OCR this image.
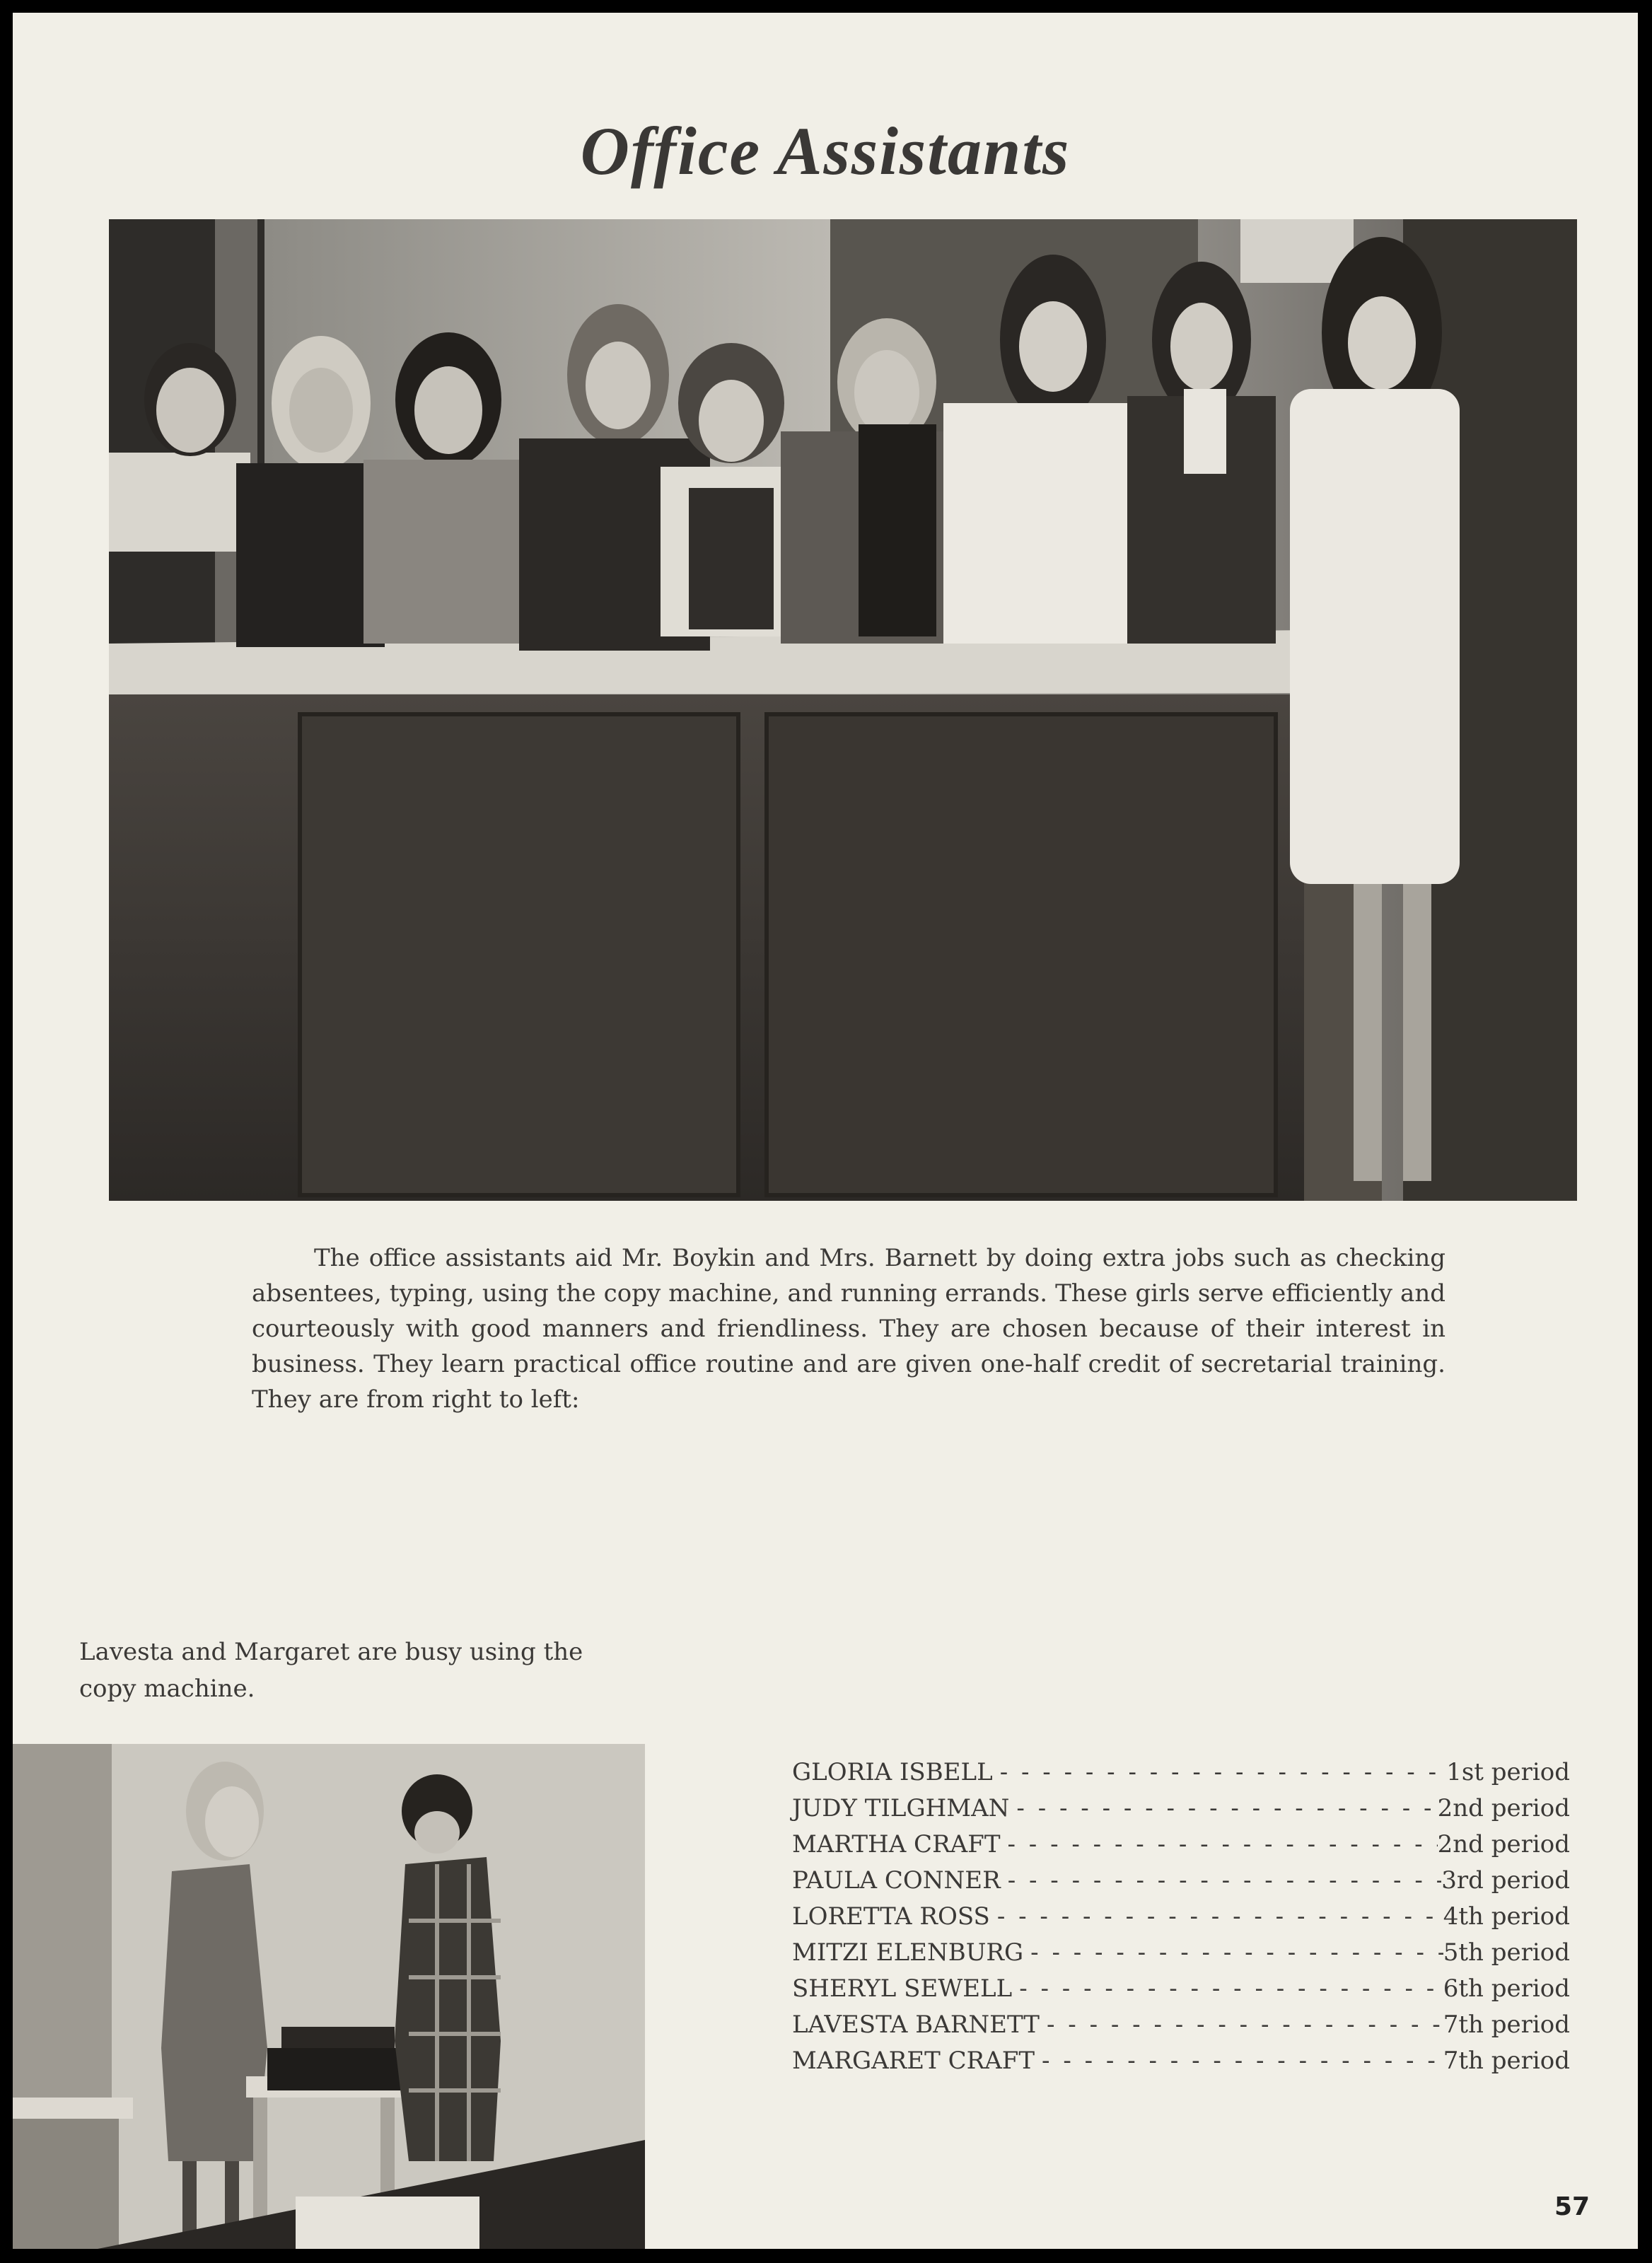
Office Assistants

The office assistants aid Mr. Boykin and Mrs. Barnett by doing extra jobs such as checking absentees, typing, using the copy machine, and running errands. These girls serve efficiently and courteously with good manners and friendliness. They are chosen because of their interest in business. They learn practical office routine and are given one-half credit of secretarial training. They are from right to left:

Lavesta and Margaret are busy using the copy machine.
GLORIA ISBELL - - -	1st period
JUDY TILGHMAN - - -	2nd period
MARTHA CRAFT - - -	2nd period
PAULA CONNER - - -	3rd period
LORETTA ROSS - - -	4th period
MITZI ELENBURG - - -	5th period
SHERYL SEWELL - - -	6th period
LAVESTA BARNETT - - -	7th period
MARGARET CRAFT - - -	7th period
57
